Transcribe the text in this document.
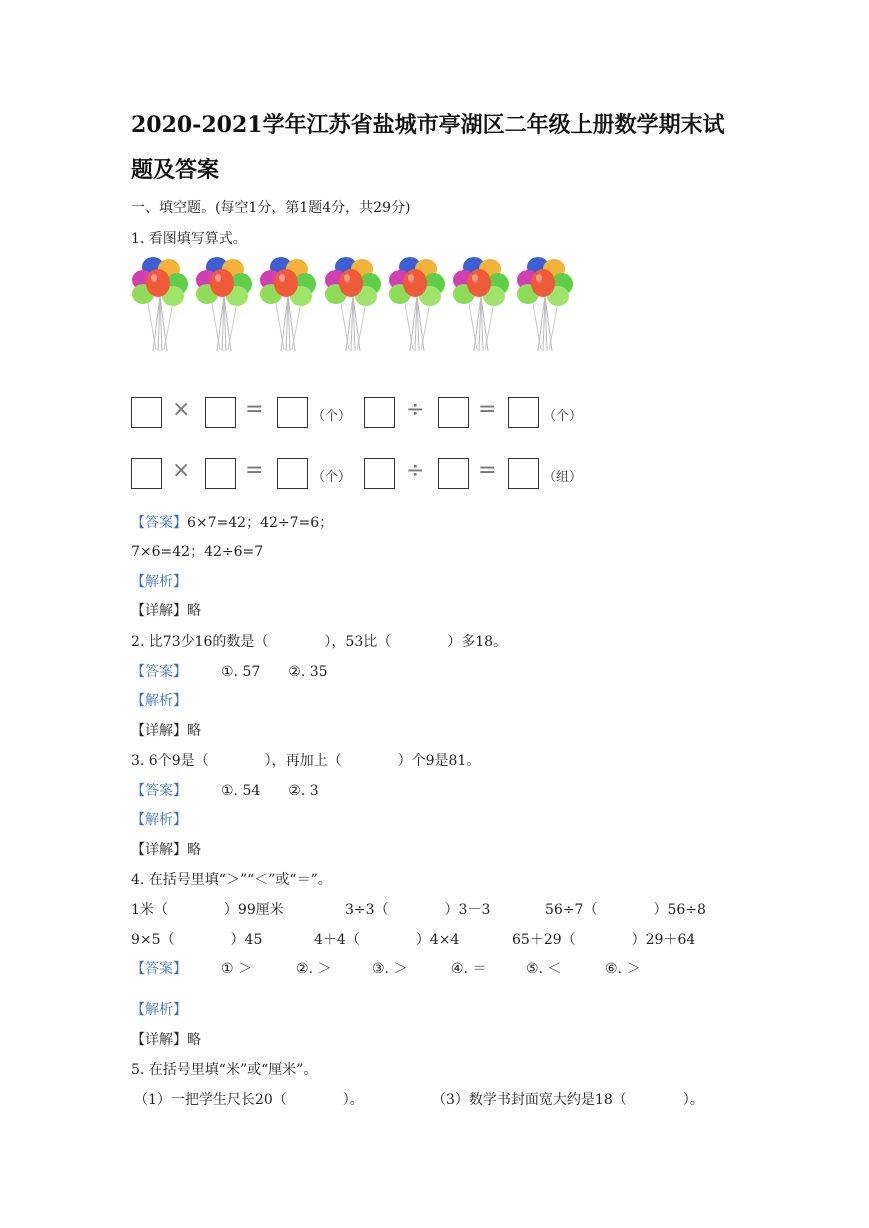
2020-2021学年江苏省盐城市亭湖区二年级上册数学期末试
题及答案
一、填空题。(每空1分，第1题4分，共29分)
1. 看图填写算式。
× =	（个） ÷ =	（个）
× =	（个） ÷ =	（组）
【答案】6×7=42；42÷7=6；
7×6=42；42÷6=7
【解析】
【详解】略
2. 比73少16的数是（　　　　），53比（　　　　）多18。
【答案】 ①. 57　　②. 35
【解析】
【详解】略
3. 6个9是（　　　　），再加上（　　　　）个9是81。
【答案】 ①. 54　　②. 3
【解析】
【详解】略
4. 在括号里填“＞”“＜”或“＝”。
1米（　　　　）99厘米	3÷3（　　　　）3－3	56÷7（　　　　）56÷8
9×5（　　　　）45	4＋4（　　　　）4×4	65＋29（　　　　）29＋64
【答案】 ① ＞	②. ＞	③. ＞	④. ＝	⑤. ＜	⑥. ＞
【解析】
【详解】略
5. 在括号里填“米”或“厘米”。
（1）一把学生尺长20（　　　　）。	（3）数学书封面宽大约是18（　　　　）。
